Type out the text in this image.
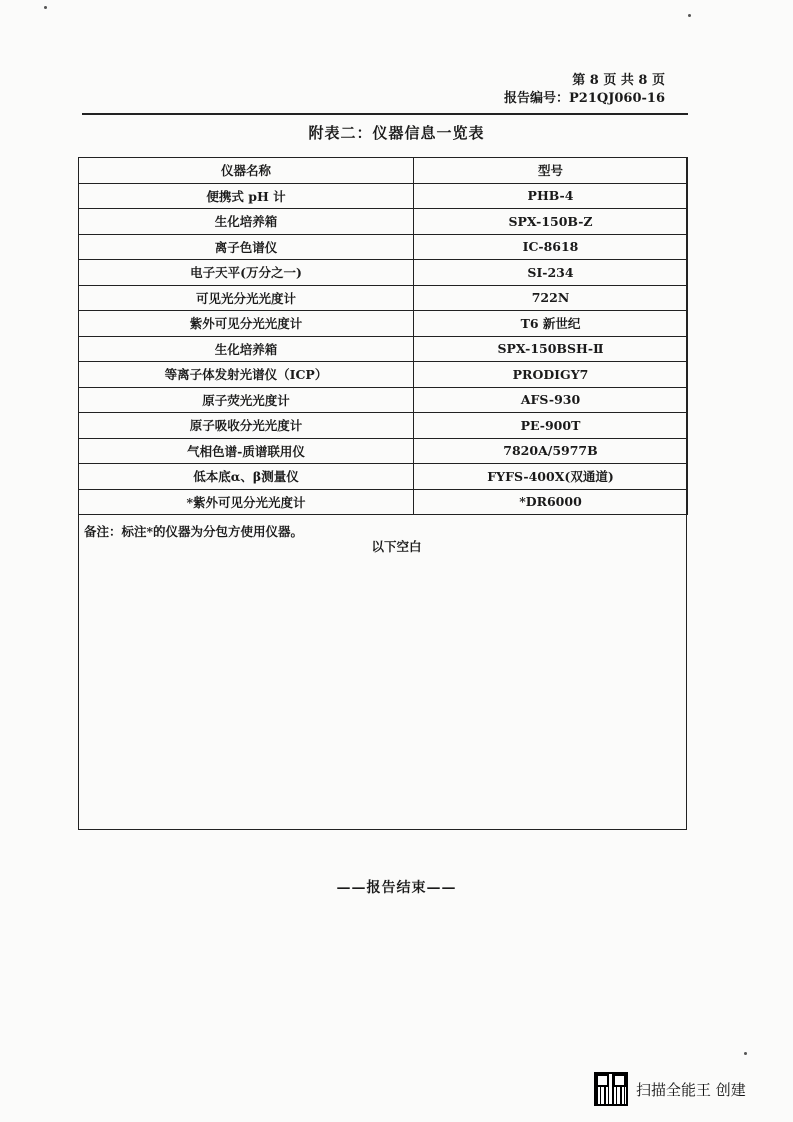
第 8 页 共 8 页
报告编号：P21QJ060-16
附表二：仪器信息一览表
仪器名称	型号
便携式 pH 计	PHB-4
生化培养箱	SPX-150B-Z
离子色谱仪	IC-8618
电子天平(万分之一)	SI-234
可见光分光光度计	722N
紫外可见分光光度计	T6 新世纪
生化培养箱	SPX-150BSH-Ⅱ
等离子体发射光谱仪（ICP）	PRODIGY7
原子荧光光度计	AFS-930
原子吸收分光光度计	PE-900T
气相色谱-质谱联用仪	7820A/5977B
低本底α、β测量仪	FYFS-400X(双通道)
*紫外可见分光光度计	*DR6000
备注：标注*的仪器为分包方使用仪器。
以下空白
——报告结束——
扫描全能王 创建
